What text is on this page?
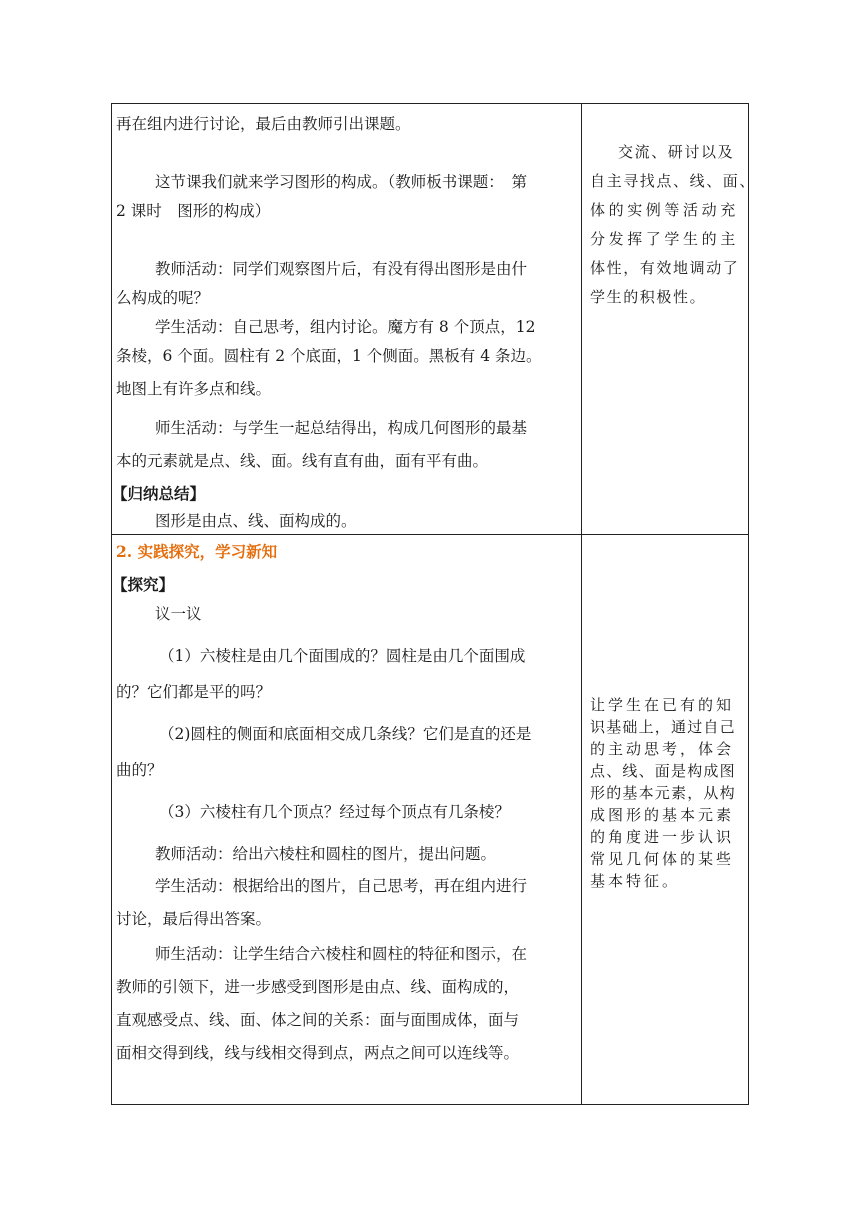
再在组内进行讨论，最后由教师引出课题。
这节课我们就来学习图形的构成。（教师板书课题：　第
2 课时　图形的构成）
教师活动：同学们观察图片后，有没有得出图形是由什
么构成的呢？
学生活动：自己思考，组内讨论。魔方有 8 个顶点，12
条棱，6 个面。圆柱有 2 个底面，1 个侧面。黑板有 4 条边。
地图上有许多点和线。
师生活动：与学生一起总结得出，构成几何图形的最基
本的元素就是点、线、面。线有直有曲，面有平有曲。
【归纳总结】
图形是由点、线、面构成的。
交流、研讨以及
自主寻找点、线、面、
体的实例等活动充
分发挥了学生的主
体性，有效地调动了
学生的积极性。
2. 实践探究，学习新知
【探究】
议一议
（1）六棱柱是由几个面围成的？圆柱是由几个面围成
的？它们都是平的吗？
（2)圆柱的侧面和底面相交成几条线？它们是直的还是
曲的？
（3）六棱柱有几个顶点？经过每个顶点有几条棱？
教师活动：给出六棱柱和圆柱的图片，提出问题。
学生活动：根据给出的图片，自己思考，再在组内进行
讨论，最后得出答案。
师生活动：让学生结合六棱柱和圆柱的特征和图示，在
教师的引领下，进一步感受到图形是由点、线、面构成的，
直观感受点、线、面、体之间的关系：面与面围成体，面与
面相交得到线，线与线相交得到点，两点之间可以连线等。
让学生在已有的知
识基础上，通过自己
的主动思考，体会
点、线、面是构成图
形的基本元素，从构
成图形的基本元素
的角度进一步认识
常见几何体的某些
基本特征。
